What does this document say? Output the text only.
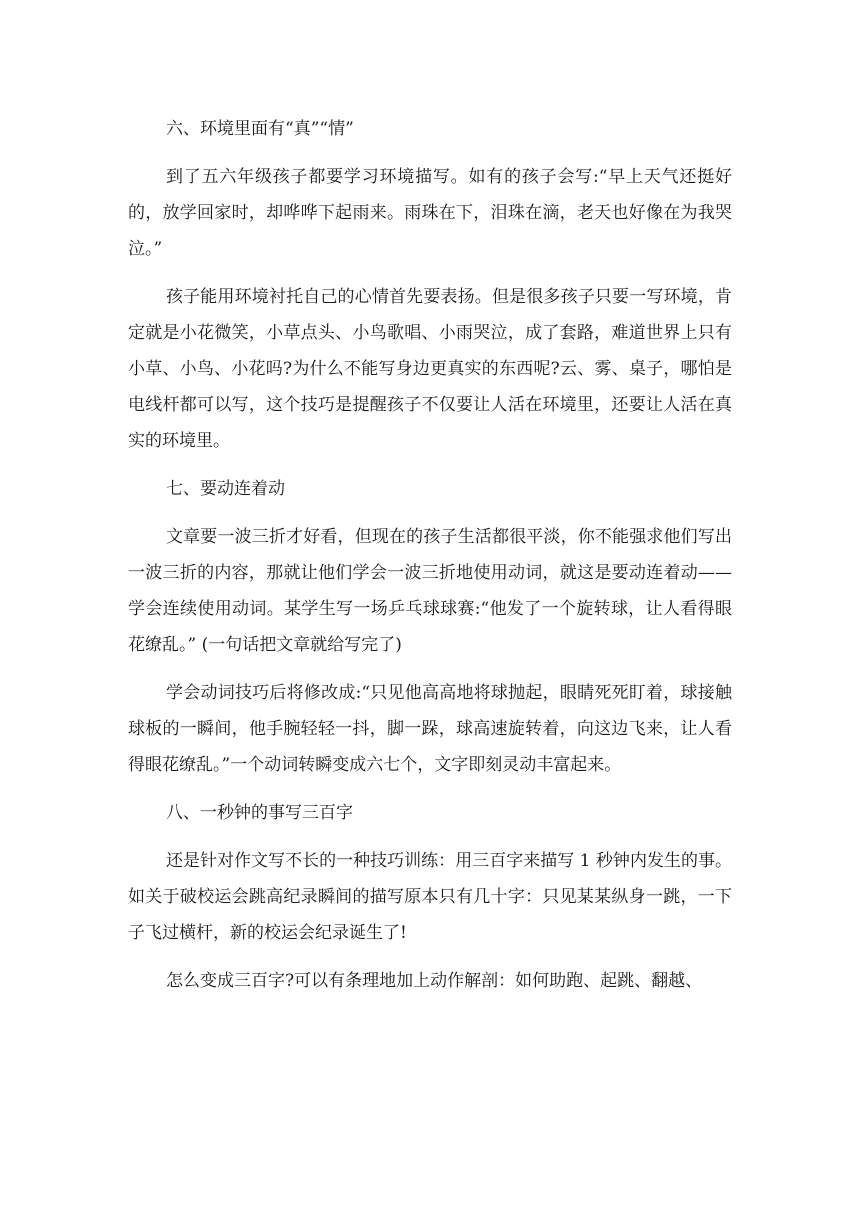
六、环境里面有“真”“情”

到了五六年级孩子都要学习环境描写。如有的孩子会写:“早上天气还挺好的，放学回家时，却哗哗下起雨来。雨珠在下，泪珠在滴，老天也好像在为我哭泣。”

孩子能用环境衬托自己的心情首先要表扬。但是很多孩子只要一写环境，肯定就是小花微笑，小草点头、小鸟歌唱、小雨哭泣，成了套路，难道世界上只有小草、小鸟、小花吗?为什么不能写身边更真实的东西呢?云、雾、桌子，哪怕是电线杆都可以写，这个技巧是提醒孩子不仅要让人活在环境里，还要让人活在真实的环境里。

七、要动连着动

文章要一波三折才好看，但现在的孩子生活都很平淡，你不能强求他们写出一波三折的内容，那就让他们学会一波三折地使用动词，就这是要动连着动——学会连续使用动词。某学生写一场乒乓球球赛:“他发了一个旋转球，让人看得眼花缭乱。” (一句话把文章就给写完了)

学会动词技巧后将修改成:“只见他高高地将球抛起，眼睛死死盯着，球接触球板的一瞬间，他手腕轻轻一抖，脚一跺，球高速旋转着，向这边飞来，让人看得眼花缭乱。”一个动词转瞬变成六七个，文字即刻灵动丰富起来。

八、一秒钟的事写三百字

还是针对作文写不长的一种技巧训练：用三百字来描写 1 秒钟内发生的事。如关于破校运会跳高纪录瞬间的描写原本只有几十字：只见某某纵身一跳，一下子飞过横杆，新的校运会纪录诞生了!

怎么变成三百字?可以有条理地加上动作解剖：如何助跑、起跳、翻越、
